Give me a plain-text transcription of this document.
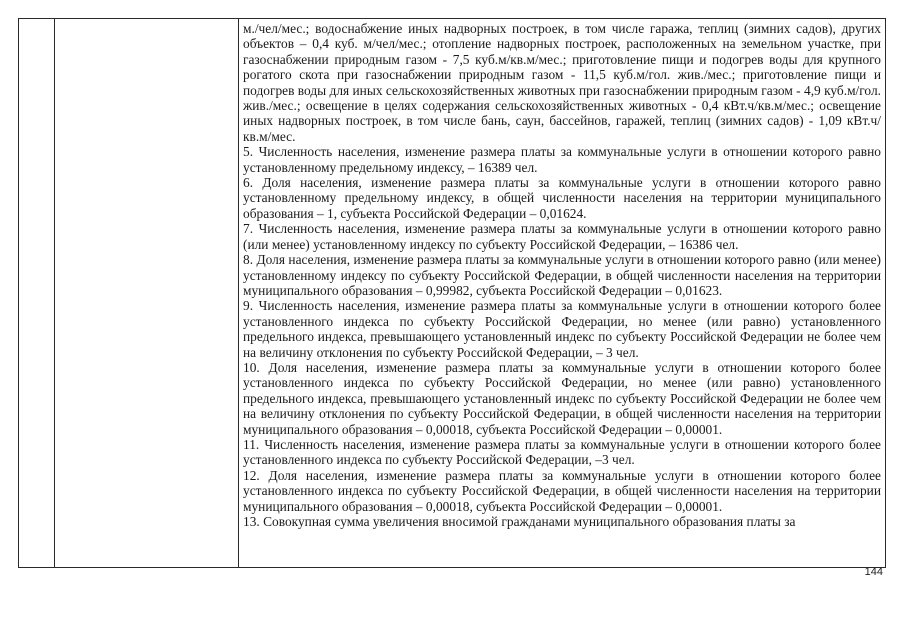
м./чел/мес.; водоснабжение иных надворных построек, в том числе гаража, теплиц (зимних садов), других объектов – 0,4 куб. м/чел/мес.; отопление надворных построек, расположенных на земельном участке, при газоснабжении природным газом - 7,5 куб.м/кв.м/мес.; приготовление пищи и подогрев воды для крупного рогатого скота при газоснабжении природным газом - 11,5 куб.м/гол. жив./мес.; приготовление пищи и подогрев воды для иных сельскохозяйственных животных при газоснабжении природным газом - 4,9 куб.м/гол. жив./мес.; освещение в целях содержания сельскохозяйственных животных - 0,4 кВт.ч/кв.м/мес.; освещение иных надворных построек, в том числе бань, саун, бассейнов, гаражей, теплиц (зимних садов) - 1,09 кВт.ч/кв.м/мес.

5. Численность населения, изменение размера платы за коммунальные услуги в отношении которого равно установленному предельному индексу, – 16389 чел.

6. Доля населения, изменение размера платы за коммунальные услуги в отношении которого равно установленному предельному индексу, в общей численности населения на территории муниципального образования – 1, субъекта Российской Федерации – 0,01624.

7. Численность населения, изменение размера платы за коммунальные услуги в отношении которого равно (или менее) установленному индексу по субъекту Российской Федерации, – 16386 чел.

8. Доля населения, изменение размера платы за коммунальные услуги в отношении которого равно (или менее) установленному индексу по субъекту Российской Федерации, в общей численности населения на территории муниципального образования – 0,99982, субъекта Российской Федерации – 0,01623.

9. Численность населения, изменение размера платы за коммунальные услуги в отношении которого более установленного индекса по субъекту Российской Федерации, но менее (или равно) установленного предельного индекса, превышающего установленный индекс по субъекту Российской Федерации не более чем на величину отклонения по субъекту Российской Федерации, – 3 чел.

10. Доля населения, изменение размера платы за коммунальные услуги в отношении которого более установленного индекса по субъекту Российской Федерации, но менее (или равно) установленного предельного индекса, превышающего установленный индекс по субъекту Российской Федерации не более чем на величину отклонения по субъекту Российской Федерации, в общей численности населения на территории муниципального образования – 0,00018, субъекта Российской Федерации – 0,00001.

11. Численность населения, изменение размера платы за коммунальные услуги в отношении которого более установленного индекса по субъекту Российской Федерации, –3 чел.

12. Доля населения, изменение размера платы за коммунальные услуги в отношении которого более установленного индекса по субъекту Российской Федерации, в общей численности населения на территории муниципального образования – 0,00018, субъекта Российской Федерации – 0,00001.

13. Совокупная сумма увеличения вносимой гражданами муниципального образования платы за

144
